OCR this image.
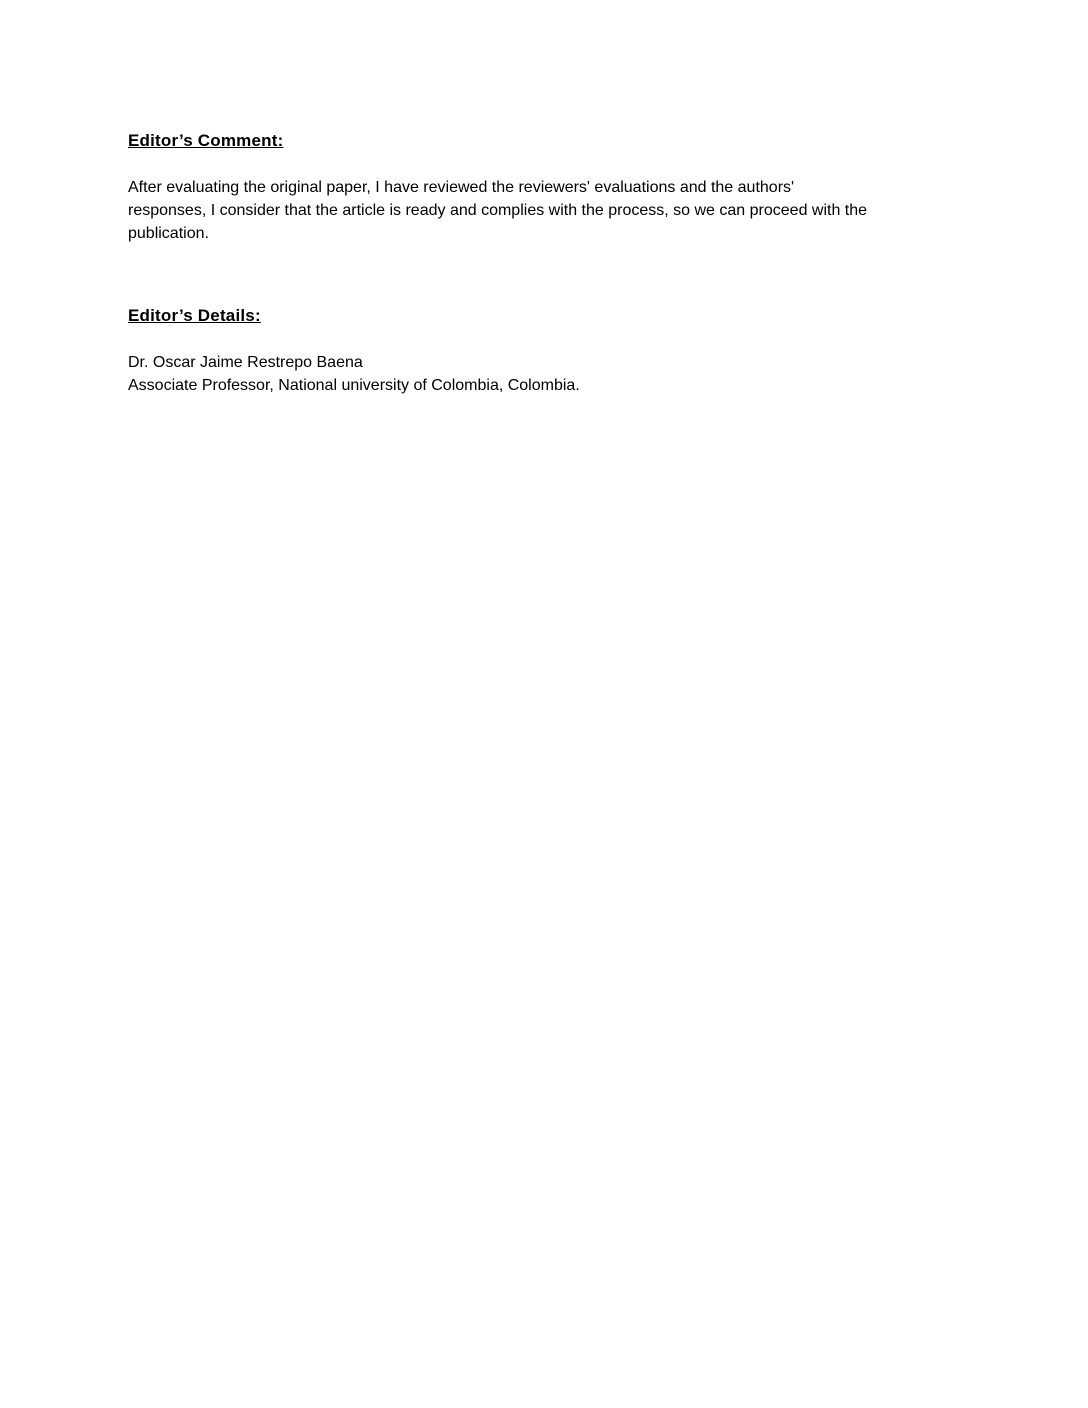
Editor’s Comment:
After evaluating the original paper, I have reviewed the reviewers' evaluations and the authors'
responses, I consider that the article is ready and complies with the process, so we can proceed with the
publication.
Editor’s Details:
Dr. Oscar Jaime Restrepo Baena
Associate Professor, National university of Colombia, Colombia.
